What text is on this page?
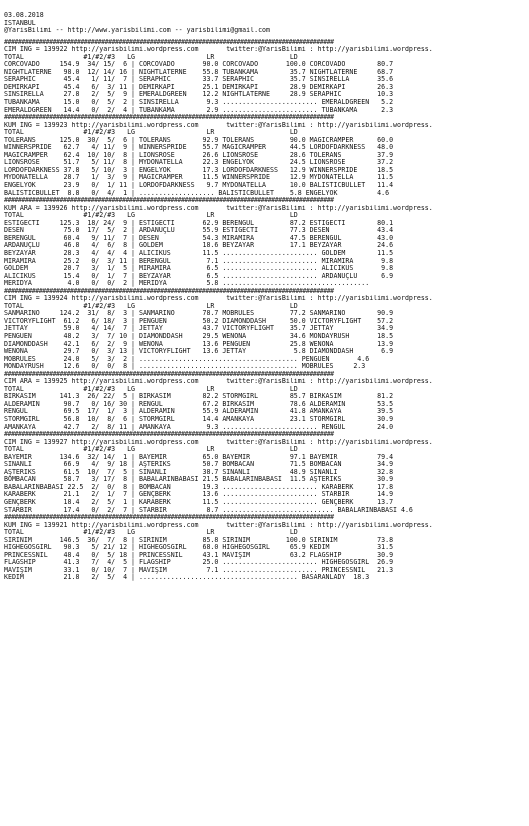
03.08.2018
ISTANBUL
@YarisBilimi -- http://www.yarisbilimi.com -- yarisbilimi@gmail.com
###############################################################################################
CIM ING = 139922 http://yarisbilimi.wordpress.com       twitter:@YarisBilimi : http://yarisbilimi.wordpress.
TOTAL               #1/#2/#3   LG                  LR                   LD
CORCOVADO     154.9  34/ 15/  6 | CORCOVADO       90.0 CORCOVADO       100.0 CORCOVADO        80.7
NIGHTLATERNE   98.0  12/ 14/ 16 | NIGHTLATERNE    55.8 TUBANKAMA        35.7 NIGHTLATERNE     68.7
SERAPHIC       45.4   1/ 11/  7 | SERAPHIC        33.7 SERAPHIC         35.7 SİNSİRELLA       35.6
DEMİRKAPI      45.4   6/  3/ 11 | DEMİRKAPI       25.1 DEMİRKAPI        28.9 DEMİRKAPI        26.3
SİNSİRELLA     27.8   2/  5/  9 | EMERALDGREEN    12.2 NIGHTLATERNE     28.9 SERAPHIC         10.3
TUBANKAMA      15.0   0/  5/  2 | SİNSİRELLA       9.3 ........................ EMERALDGREEN   5.2
EMERALDGREEN   14.4   0/  2/  4 | TUBANKAMA        2.9 ........................ TUBANKAMA      2.3
###############################################################################################
KUM ING = 139923 http://yarisbilimi.wordpress.com       twitter:@YarisBilimi : http://yarisbilimi.wordpress.
TOTAL               #1/#2/#3   LG                  LR                   LD
TOLERANS      125.0  30/  5/  6 | TOLERANS        92.9 TOLERANS         90.0 MAGICRAMPER      60.0
WINNERSPRIDE   62.7   4/ 11/  9 | WINNERSPRIDE    55.7 MAGICRAMPER      44.5 LORDOFDARKNESS   48.0
MAGICRAMPER    62.4  10/ 10/  8 | LIONSROSE       26.6 LIONSROSE        28.6 TOLERANS         37.9
LIONSROSE      51.7   5/ 11/  8 | MYDONATELLA     22.3 ENGELYOK         24.5 LIONSROSE        37.2
LORDOFDARKNESS 37.8   5/ 10/  3 | ENGELYOK        17.3 LORDOFDARKNESS   12.9 WINNERSPRIDE     18.5
MYDONATELLA    28.7   1/  3/  9 | MAGICRAMPER     11.5 WINNERSPRIDE     12.9 MYDONATELLA      11.5
ENGELYOK       23.9   0/  1/ 11 | LORDOFDARKNESS   9.7 MYDONATELLA      10.0 BALISTICBULLET   11.4
BALISTICBULLET  8.8   0/  4/  1 | ................... BALISTICBULLET    5.8 ENGELYOK          4.6
###############################################################################################
KUM ARA = 139926 http://yarisbilimi.wordpress.com       twitter:@YarisBilimi : http://yarisbilimi.wordpress.
TOTAL               #1/#2/#3   LG                  LR                   LD
ESTİĞECTİ     125.3  18/ 24/  9 | ESTİĞECTİ       62.9 BERENGÜL         87.2 ESTİĞECTİ        80.1
DESEN          75.0  17/  5/  2 | ARDANUÇLU       55.9 ESTİĞECTİ        77.3 DESEN            43.4
BERENGÜL       60.4   9/ 11/  7 | DESEN           54.3 MİRAMİRA         47.5 BERENGÜL         43.0
ARDANUÇLU      46.8   4/  6/  8 | GÖLDEM          18.6 BEYZAYAR         17.1 BEYZAYAR         24.6
BEYZAYAR       28.3   4/  4/  4 | ALICIKUS        11.5 ........................ GÖLDEM        11.5
MİRAMİRA       25.2   0/  3/ 11 | BERENGÜL         7.1 ........................ MİRAMİRA       9.8
GÖLDEM         20.7   3/  1/  5 | MİRAMİRA         6.5 ........................ ALICIKUS       9.8
ALICIKUS       15.4   0/  1/  7 | BEYZAYAR         6.5 ........................ ARDANUÇLU      6.9
MERİDYA         4.0   0/  0/  2 | MERİDYA          5.8 .....................................
###############################################################################################
CIM ING = 139924 http://yarisbilimi.wordpress.com       twitter:@YarisBilimi : http://yarisbilimi.wordpress.
TOTAL               #1/#2/#3   LG                  LR                   LD
SANMARINO     124.2  31/  8/  3 | SANMARINO       78.7 MOBRULES         77.2 SANMARINO        90.9
VICTORYFLIGHT  61.2   6/ 18/  3 | PENGUEN         50.2 DIAMONDDASH      50.0 VICTORYFLIGHT    57.2
JETTAY         59.0   4/ 14/  7 | JETTAY          43.7 VICTORYFLIGHT    35.7 JETTAY           34.9
PENGUEN        48.2   3/  7/ 10 | DIAMONDDASH     29.5 WENONA           34.6 MONDAYRUSH       18.5
DIAMONDDASH    42.1   6/  2/  9 | WENONA          13.6 PENGUEN          25.8 WENONA           13.9
WENONA         29.7   0/  3/ 13 | VICTORYFLIGHT   13.6 JETTAY            5.8 DIAMONDDASH       6.9
MOBRULES       24.0   5/  3/  2 | ........................................ PENGUEN       4.6
MONDAYRUSH     12.6   0/  0/  8 | ........................................ MOBRULES     2.3
###############################################################################################
CIM ARA = 139925 http://yarisbilimi.wordpress.com       twitter:@YarisBilimi : http://yarisbilimi.wordpress.
TOTAL               #1/#2/#3   LG                  LR                   LD
BİRKASIM      141.3  26/ 22/  5 | BİRKASIM        82.2 STORMGIRL        85.7 BİRKASIM         81.2
ALDERAMİN      90.7   0/ 16/ 30 | RENGÜL          67.2 BİRKASIM         78.6 ALDERAMİN        53.5
RENGÜL         69.5  17/  1/  3 | ALDERAMİN       55.9 ALDERAMİN        41.8 AMANKAYA         39.5
STORMGIRL      56.8  10/  8/  6 | STORMGIRL       14.4 AMANKAYA         23.1 STORMGIRL        30.9
AMANKAYA       42.7   2/  8/ 11 | AMANKAYA         9.3 ........................ RENGÜL        24.0
###############################################################################################
CIM ING = 139927 http://yarisbilimi.wordpress.com       twitter:@YarisBilimi : http://yarisbilimi.wordpress.
TOTAL               #1/#2/#3   LG                  LR                   LD
BAYEMİR       134.6  32/ 14/  1 | BAYEMİR         65.0 BAYEMİR          97.1 BAYEMİR          79.4
SİNANLI        66.9   4/  9/ 18 | AŞTERİKS        50.7 BOMBACAN         71.5 BOMBACAN         34.9
AŞTERİKS       61.5  10/  7/  5 | SİNANLI         38.7 SİNANLI          48.9 SİNANLI          32.8
BOMBACAN       58.7   3/ 17/  8 | BABALARINBABASI 21.5 BABALARINBABASI  11.5 AŞTERİKS         30.9
BABALARINBABASI 22.5  2/  0/  8 | BOMBACAN        19.3 ........................ KARABERK      17.8
KARABERK       21.1   2/  1/  7 | GENÇBERK        13.6 ........................ STARBİR       14.9
GENÇBERK       18.4   2/  5/  1 | KARABERK        11.5 ........................ GENÇBERK      13.7
STARBİR        17.4   0/  2/  7 | STARBİR          8.7 ............................ BABALARINBABASI 4.6
###############################################################################################
KUM ING = 139921 http://yarisbilimi.wordpress.com       twitter:@YarisBilimi : http://yarisbilimi.wordpress.
TOTAL               #1/#2/#3   LG                  LR                   LD
SİRİNİM       146.5  36/  7/  8 | SİRİNİM         85.8 SİRİNİM         100.0 SİRİNİM          73.8
HIGHEGOSGIRL   90.3   5/ 21/ 12 | HIGHEGOSGIRL    68.0 HIGHEGOSGIRL     65.9 KEDİM            31.5
PRINCESSNIL    48.4   0/  5/ 18 | PRINCESSNIL     43.1 MAVİŞİM          63.2 FLAGSHIP         30.9
FLAGSHIP       41.3   7/  4/  5 | FLAGSHIP        25.0 ........................ HIGHEGOSGIRL  26.9
MAVİŞİM        33.1   0/ 10/  7 | MAVİŞİM          7.1 ........................ PRINCESSNIL   21.3
KEDİM          21.8   2/  5/  4 | ........................................ BASARANLADY  18.3
